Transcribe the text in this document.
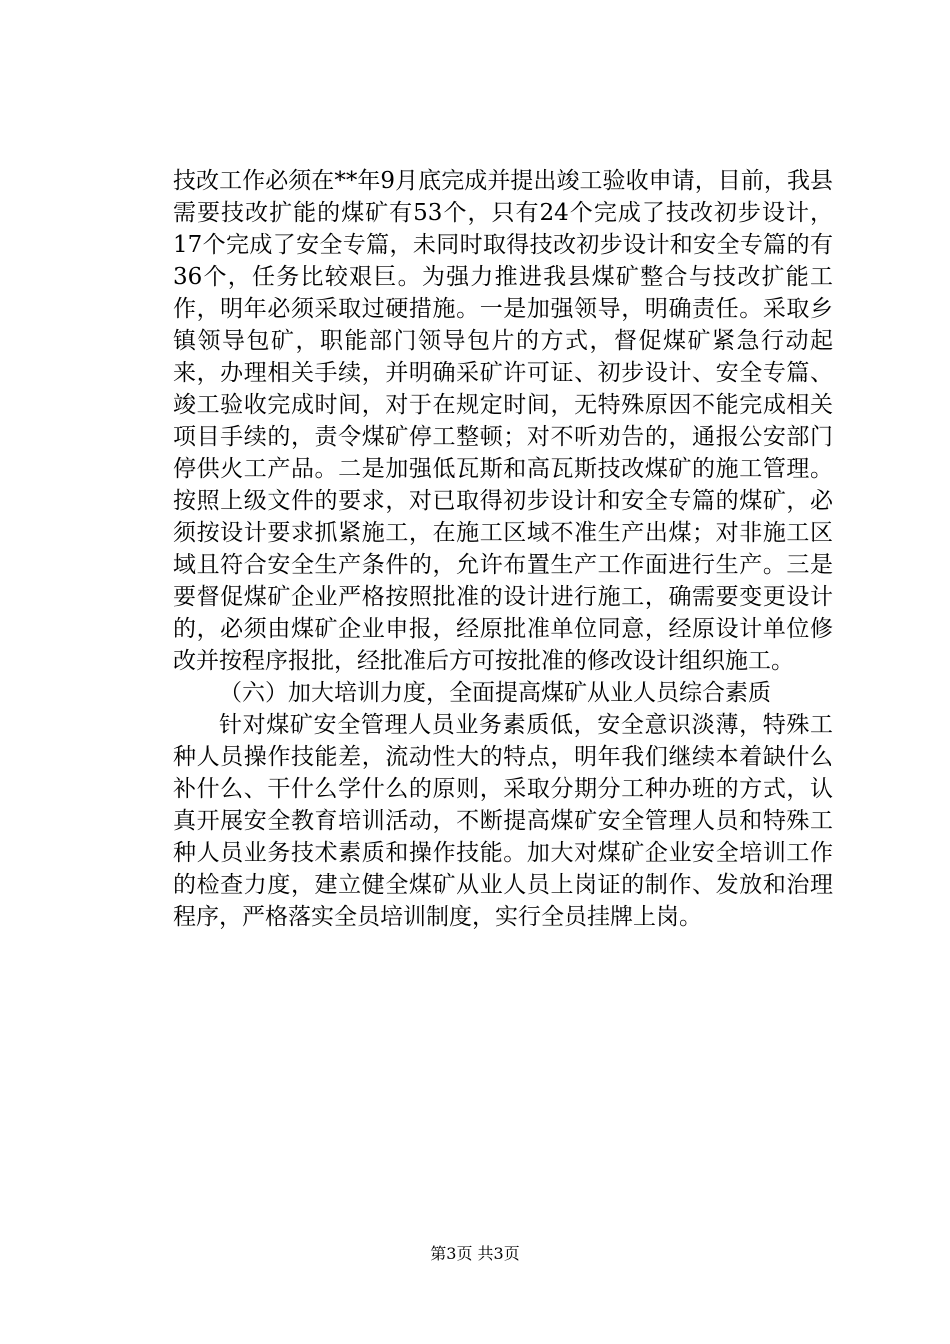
技改工作必须在**年9月底完成并提出竣工验收申请，目前，我县需要技改扩能的煤矿有53个，只有24个完成了技改初步设计，17个完成了安全专篇，未同时取得技改初步设计和安全专篇的有36个，任务比较艰巨。为强力推进我县煤矿整合与技改扩能工作，明年必须采取过硬措施。一是加强领导，明确责任。采取乡镇领导包矿，职能部门领导包片的方式，督促煤矿紧急行动起来，办理相关手续，并明确采矿许可证、初步设计、安全专篇、竣工验收完成时间，对于在规定时间，无特殊原因不能完成相关项目手续的，责令煤矿停工整顿；对不听劝告的，通报公安部门停供火工产品。二是加强低瓦斯和高瓦斯技改煤矿的施工管理。按照上级文件的要求，对已取得初步设计和安全专篇的煤矿，必须按设计要求抓紧施工，在施工区域不准生产出煤；对非施工区域且符合安全生产条件的，允许布置生产工作面进行生产。三是要督促煤矿企业严格按照批准的设计进行施工，确需要变更设计的，必须由煤矿企业申报，经原批准单位同意，经原设计单位修改并按程序报批，经批准后方可按批准的修改设计组织施工。

（六）加大培训力度，全面提高煤矿从业人员综合素质

针对煤矿安全管理人员业务素质低，安全意识淡薄，特殊工种人员操作技能差，流动性大的特点，明年我们继续本着缺什么补什么、干什么学什么的原则，采取分期分工种办班的方式，认真开展安全教育培训活动，不断提高煤矿安全管理人员和特殊工种人员业务技术素质和操作技能。加大对煤矿企业安全培训工作的检查力度，建立健全煤矿从业人员上岗证的制作、发放和治理程序，严格落实全员培训制度，实行全员挂牌上岗。

第3页 共3页
